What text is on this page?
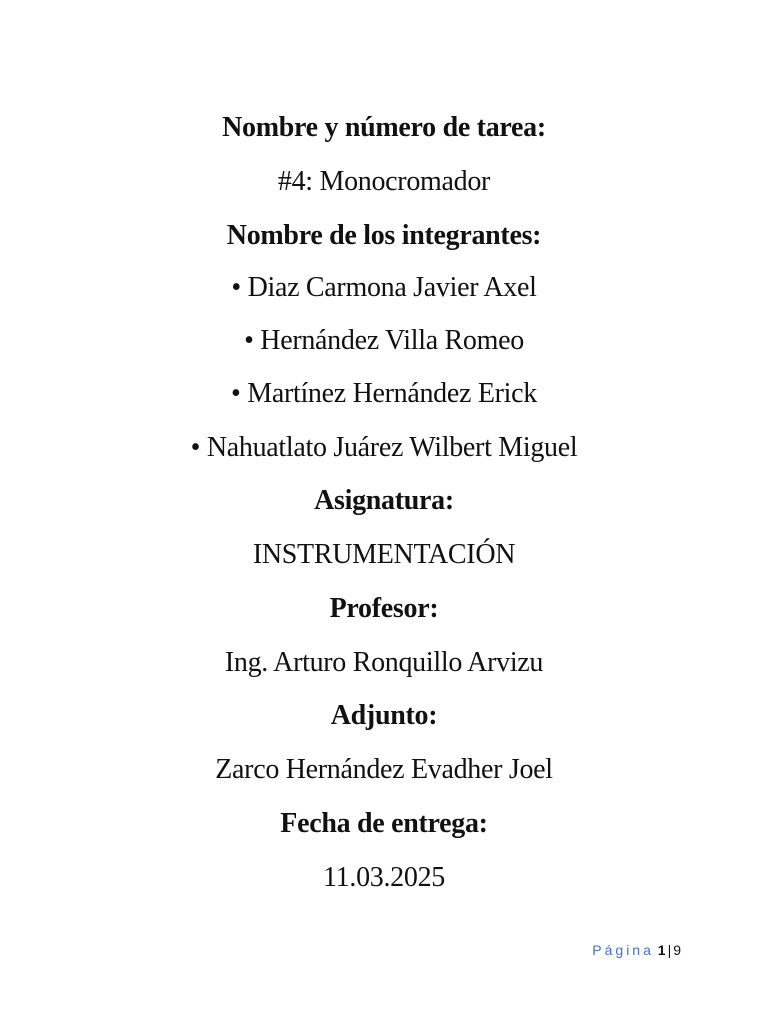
Nombre y número de tarea:
#4: Monocromador
Nombre de los integrantes:
• Diaz Carmona Javier Axel
• Hernández Villa Romeo
• Martínez Hernández Erick
• Nahuatlato Juárez Wilbert Miguel
Asignatura:
INSTRUMENTACIÓN
Profesor:
Ing. Arturo Ronquillo Arvizu
Adjunto:
Zarco Hernández Evadher Joel
Fecha de entrega:
11.03.2025
Página 1 | 9
